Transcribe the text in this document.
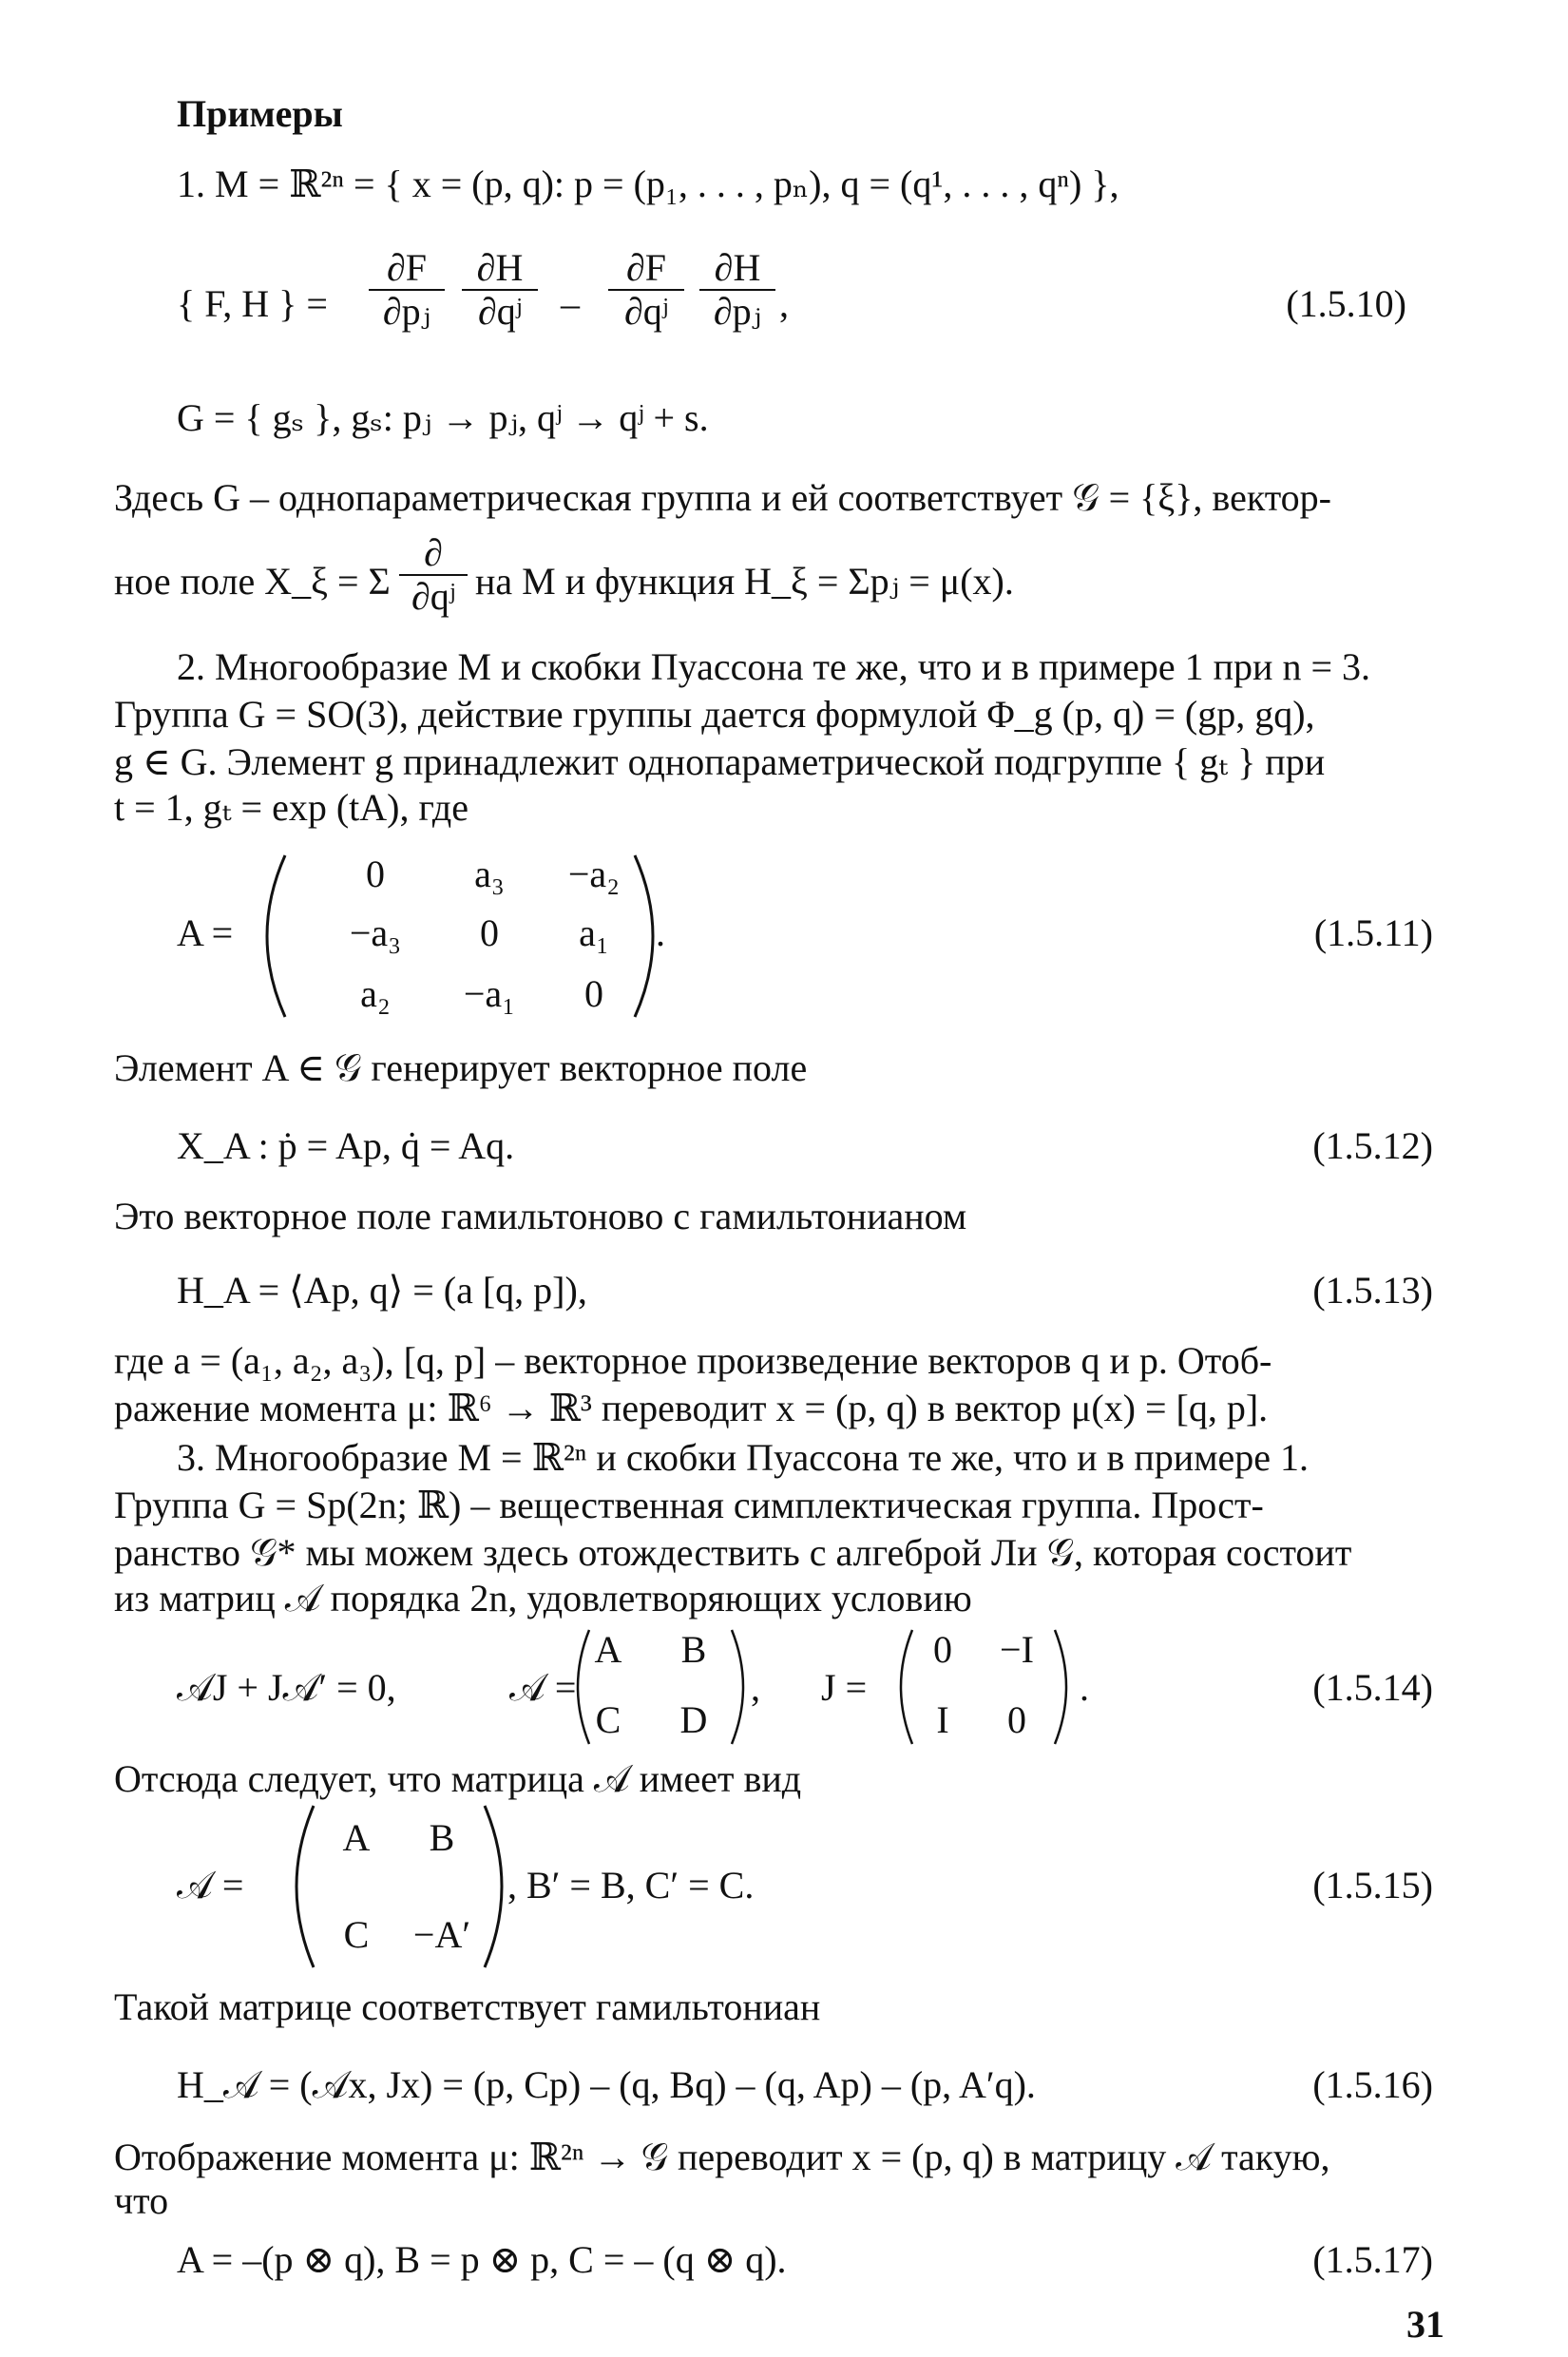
Примеры
1. M = ℝ²ⁿ = { x = (p, q): p = (p₁, . . . , pₙ), q = (q¹, . . . , qⁿ) },
{ F, H } = $\frac{\partial F}{\text{∂pⱼ}} \frac{\partial H}{\text{∂qʲ}} - \frac{\partial F}{\text{∂qʲ}} \frac{\partial H}{\text{∂pⱼ}}$ ,	(1.5.10)
G = { gₛ }, gₛ: pⱼ → pⱼ, qʲ → qʲ + s.
Здесь G – однопараметрическая группа и ей соответствует 𝒢 = {ξ}, вектор-
ное поле X_ξ = Σ
∂
∂qʲ на M и функция H_ξ = Σpⱼ = μ(x).
2. Многообразие M и скобки Пуассона те же, что и в примере 1 при n = 3.
Группа G = SO(3), действие группы дается формулой Φ_g (p, q) = (gp, gq),
g ∈ G. Элемент g принадлежит однопараметрической подгруппе { gₜ } при
t = 1, gₜ = exp (tA), где
A =
0	a₃	−a₂
−a₃	0	a₁
a₂	−a₁	0
.	(1.5.11)
Элемент A ∈ 𝒢 генерирует векторное поле
X_A : ṗ = Ap, q̇ = Aq.	(1.5.12)
Это векторное поле гамильтоново с гамильтонианом
H_A = ⟨Ap, q⟩ = (a [q, p]),	(1.5.13)
где a = (a₁, a₂, a₃), [q, p] – векторное произведение векторов q и p. Отоб-
ражение момента μ: ℝ⁶ → ℝ³ переводит x = (p, q) в вектор μ(x) = [q, p].
3. Многообразие M = ℝ²ⁿ и скобки Пуассона те же, что и в примере 1.
Группа G = Sp(2n; ℝ) – вещественная симплектическая группа. Прост-
ранство 𝒢* мы можем здесь отождествить с алгеброй Ли 𝒢, которая состоит
из матриц 𝒜 порядка 2n, удовлетворяющих условию
𝒜J + J𝒜′ = 0,	𝒜 =
A	B
C	D
, J =
0	−I
I	0
.	(1.5.14)
Отсюда следует, что матрица 𝒜 имеет вид
𝒜 =
A	B
C	−A′
, B′ = B, C′ = C.	(1.5.15)
Такой матрице соответствует гамильтониан
H_𝒜 = (𝒜x, Jx) = (p, Cp) – (q, Bq) – (q, Ap) – (p, A′q).	(1.5.16)
Отображение момента μ: ℝ²ⁿ → 𝒢 переводит x = (p, q) в матрицу 𝒜 такую,
что
A = –(p ⊗ q), B = p ⊗ p, C = – (q ⊗ q).	(1.5.17)
31
